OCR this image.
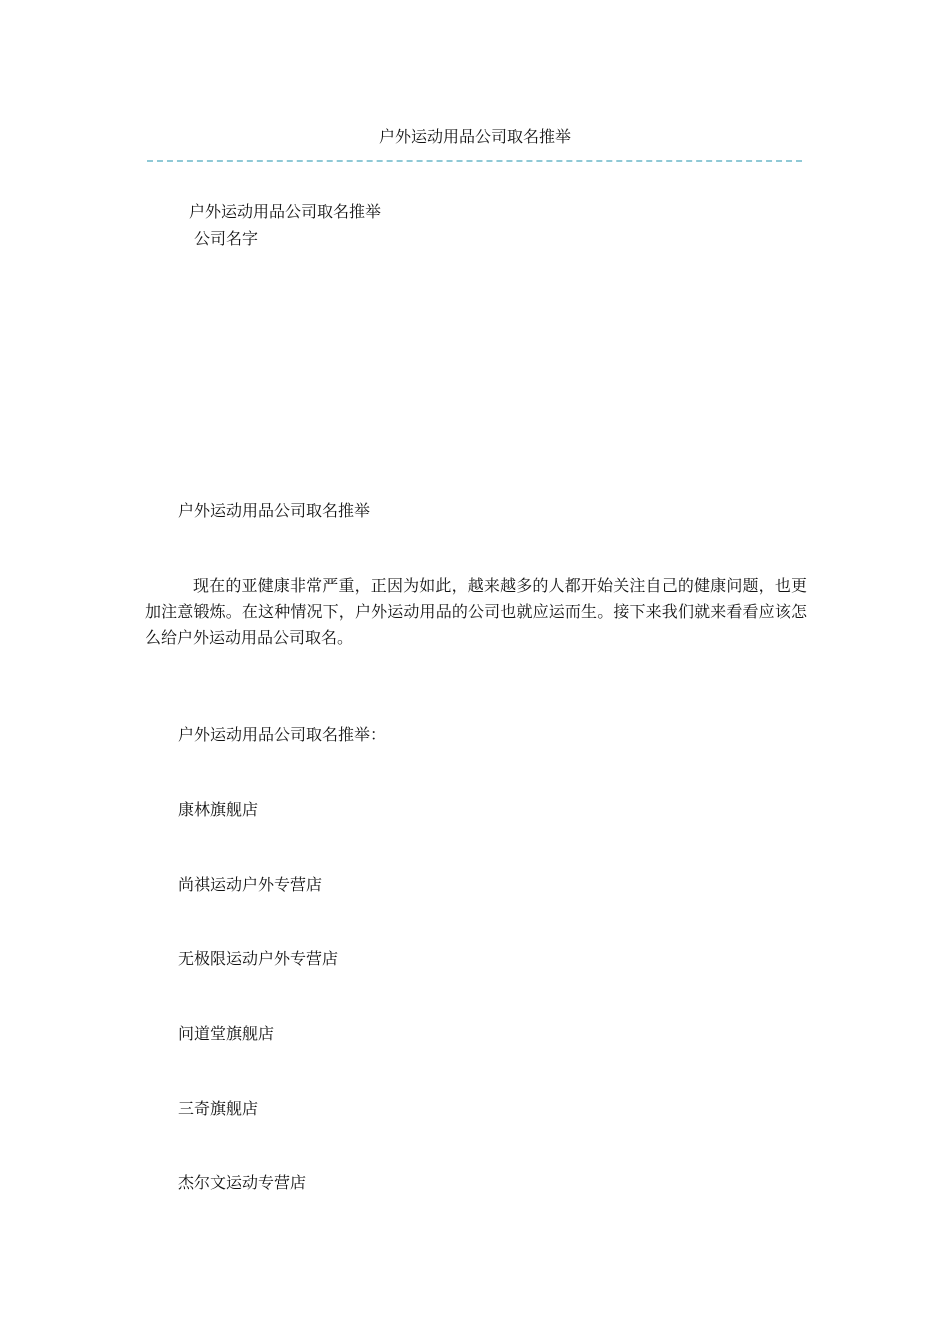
户外运动用品公司取名推举
户外运动用品公司取名推举
公司名字
户外运动用品公司取名推举
现在的亚健康非常严重，正因为如此，越来越多的人都开始关注自己的健康问题，也更加注意锻炼。在这种情况下，户外运动用品的公司也就应运而生。接下来我们就来看看应该怎么给户外运动用品公司取名。
户外运动用品公司取名推举：
康林旗舰店
尚祺运动户外专营店
无极限运动户外专营店
问道堂旗舰店
三奇旗舰店
杰尔文运动专营店
